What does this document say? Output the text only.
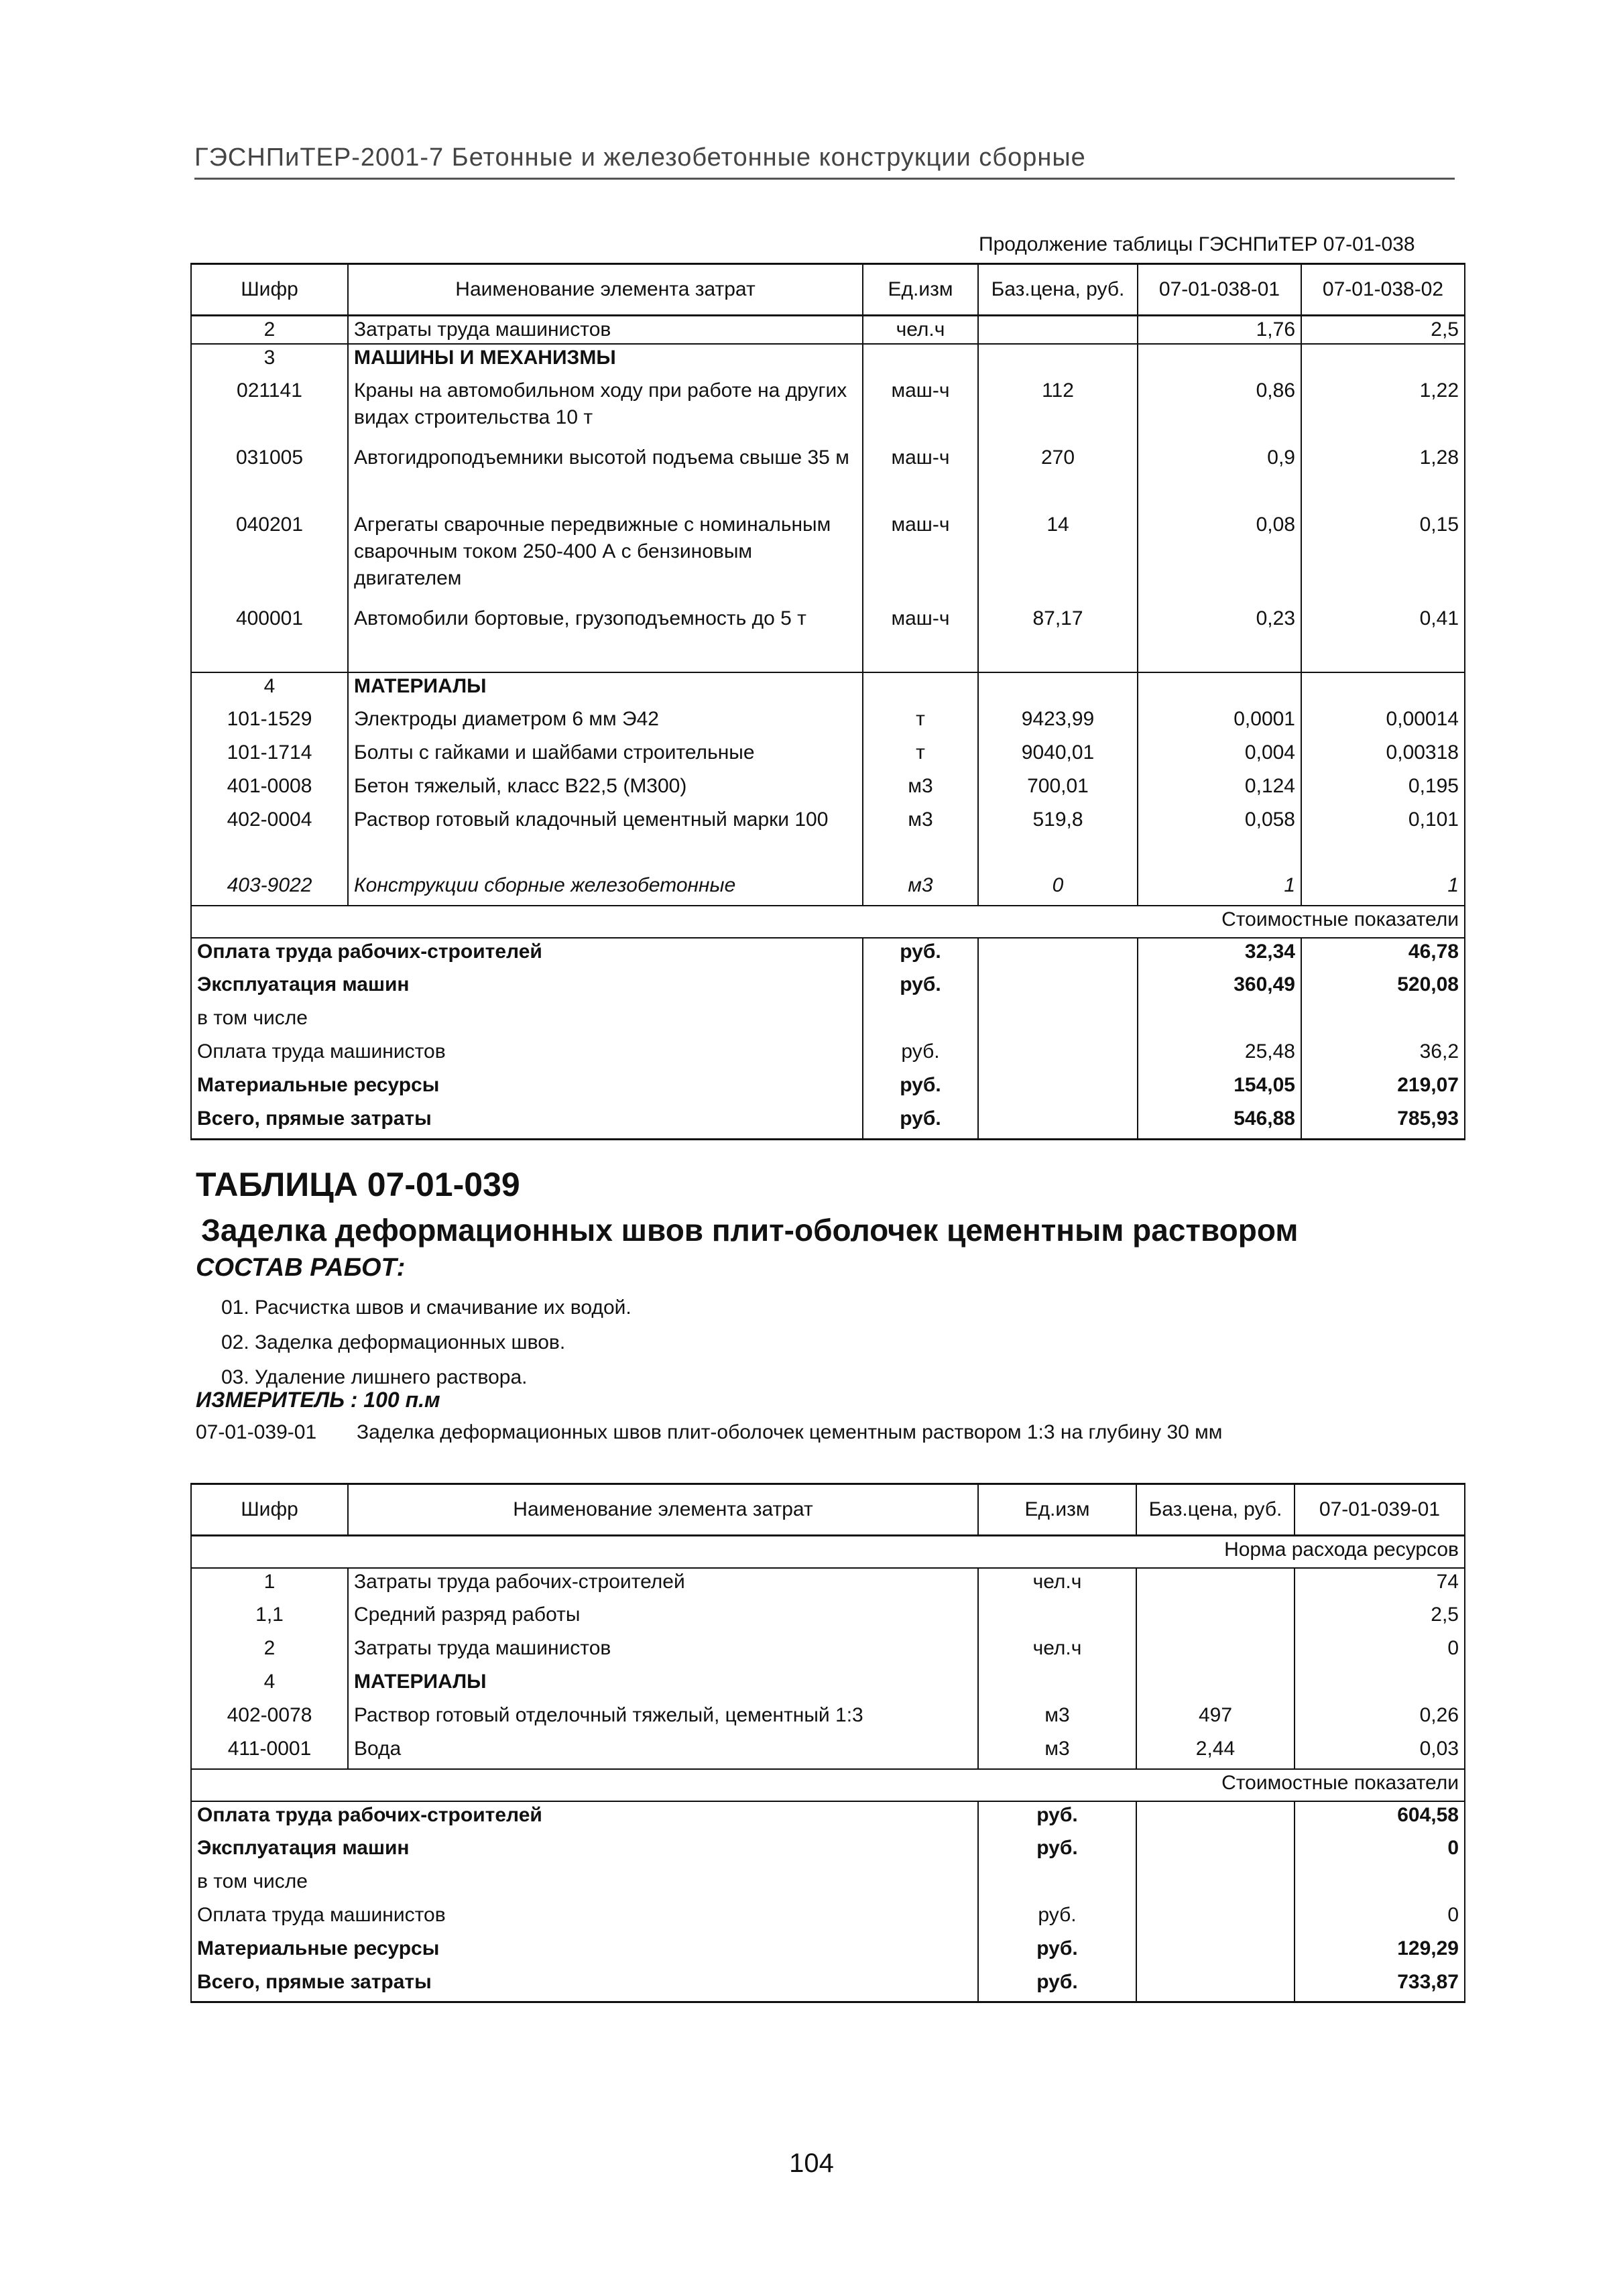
ГЭСНПиТЕР-2001-7 Бетонные и железобетонные конструкции сборные
Продолжение таблицы ГЭСНПиТЕР 07-01-038
Шифр	Наименование элемента затрат	Ед.изм	Баз.цена, руб.	07-01-038-01	07-01-038-02
2	Затраты труда машинистов	чел.ч		1,76	2,5
3	МАШИНЫ И МЕХАНИЗМЫ				
021141	Краны на автомобильном ходу при работе на других видах строительства 10 т	маш-ч	112	0,86	1,22
031005	Автогидроподъемники высотой подъема свыше 35 м	маш-ч	270	0,9	1,28
040201	Агрегаты сварочные передвижные с номинальным сварочным током 250-400 А с бензиновым двигателем	маш-ч	14	0,08	0,15
400001	Автомобили бортовые, грузоподъемность до 5 т	маш-ч	87,17	0,23	0,41
4	МАТЕРИАЛЫ				
101-1529	Электроды диаметром 6 мм Э42	т	9423,99	0,0001	0,00014
101-1714	Болты с гайками и шайбами строительные	т	9040,01	0,004	0,00318
401-0008	Бетон тяжелый, класс В22,5 (М300)	м3	700,01	0,124	0,195
402-0004	Раствор готовый кладочный цементный марки 100	м3	519,8	0,058	0,101
403-9022	Конструкции сборные железобетонные	м3	0	1	1
Стоимостные показатели					
Оплата труда рабочих-строителей		руб.		32,34	46,78
Эксплуатация машин		руб.		360,49	520,08
в том числе					
Оплата труда машинистов		руб.		25,48	36,2
Материальные ресурсы		руб.		154,05	219,07
Всего, прямые затраты		руб.		546,88	785,93
ТАБЛИЦА 07-01-039
Заделка деформационных швов плит-оболочек цементным раствором
СОСТАВ РАБОТ:
01. Расчистка швов и смачивание их водой.
02. Заделка деформационных швов.
03. Удаление лишнего раствора.
ИЗМЕРИТЕЛЬ : 100 п.м
07-01-039-01 Заделка деформационных швов плит-оболочек цементным раствором 1:3 на глубину 30 мм
Шифр	Наименование элемента затрат	Ед.изм	Баз.цена, руб.	07-01-039-01
Норма расхода ресурсов				
1	Затраты труда рабочих-строителей	чел.ч		74
1,1	Средний разряд работы			2,5
2	Затраты труда машинистов	чел.ч		0
4	МАТЕРИАЛЫ			
402-0078	Раствор готовый отделочный тяжелый, цементный 1:3	м3	497	0,26
411-0001	Вода	м3	2,44	0,03
Стоимостные показатели				
Оплата труда рабочих-строителей		руб.		604,58
Эксплуатация машин		руб.		0
в том числе				
Оплата труда машинистов		руб.		0
Материальные ресурсы		руб.		129,29
Всего, прямые затраты		руб.		733,87
104
